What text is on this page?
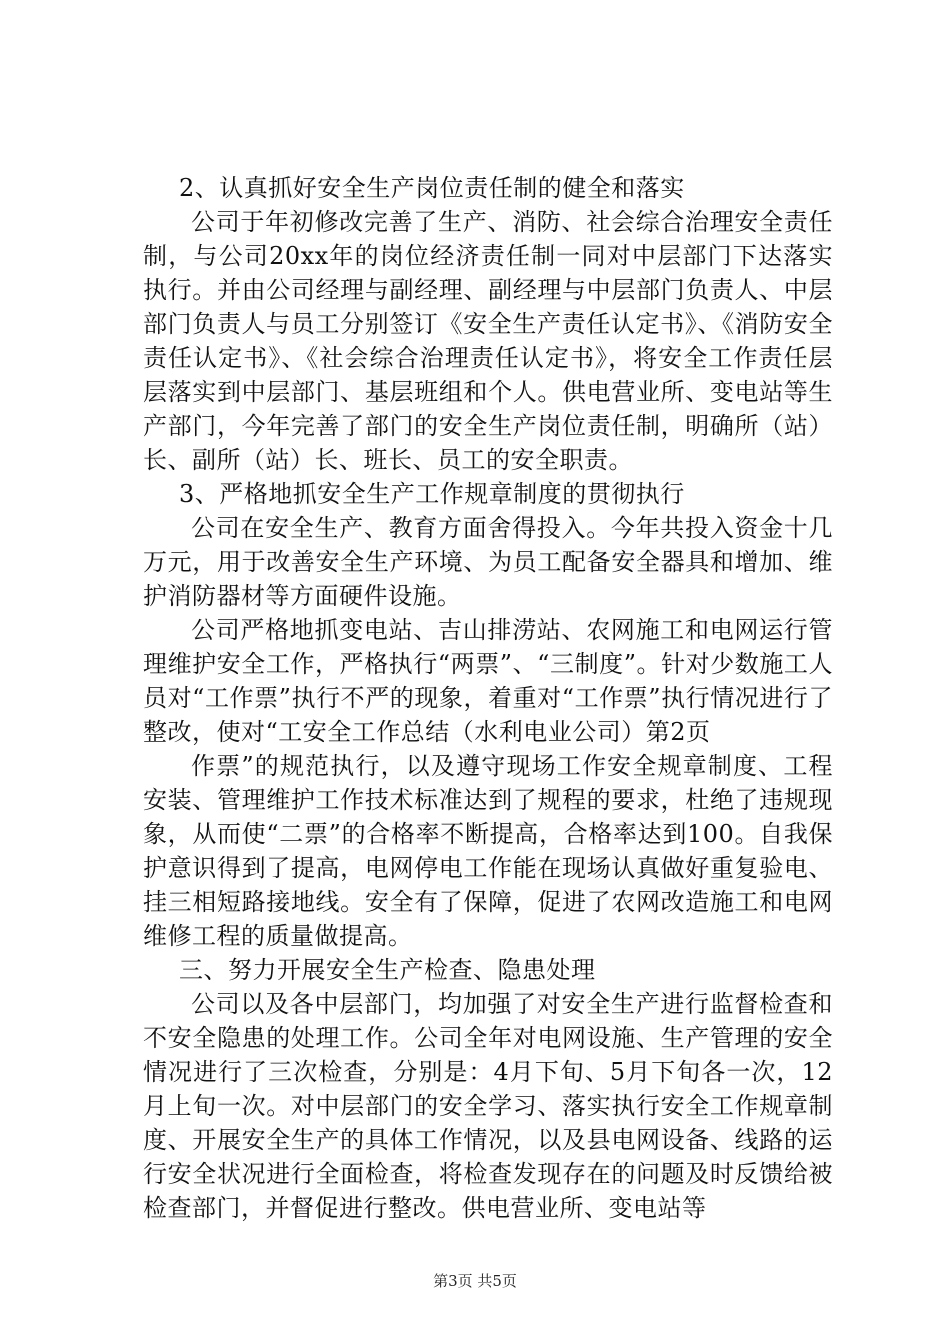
2、认真抓好安全生产岗位责任制的健全和落实

公司于年初修改完善了生产、消防、社会综合治理安全责任制，与公司20xx年的岗位经济责任制一同对中层部门下达落实执行。并由公司经理与副经理、副经理与中层部门负责人、中层部门负责人与员工分别签订《安全生产责任认定书》、《消防安全责任认定书》、《社会综合治理责任认定书》，将安全工作责任层层落实到中层部门、基层班组和个人。供电营业所、变电站等生产部门，今年完善了部门的安全生产岗位责任制，明确所（站）长、副所（站）长、班长、员工的安全职责。

3、严格地抓安全生产工作规章制度的贯彻执行

公司在安全生产、教育方面舍得投入。今年共投入资金十几万元，用于改善安全生产环境、为员工配备安全器具和增加、维护消防器材等方面硬件设施。

公司严格地抓变电站、吉山排涝站、农网施工和电网运行管理维护安全工作，严格执行“两票”、“三制度”。针对少数施工人员对“工作票”执行不严的现象，着重对“工作票”执行情况进行了整改，使对“工安全工作总结（水利电业公司）第2页

作票”的规范执行，以及遵守现场工作安全规章制度、工程安装、管理维护工作技术标准达到了规程的要求，杜绝了违规现象，从而使“二票”的合格率不断提高，合格率达到100。自我保护意识得到了提高，电网停电工作能在现场认真做好重复验电、挂三相短路接地线。安全有了保障，促进了农网改造施工和电网维修工程的质量做提高。

三、努力开展安全生产检查、隐患处理

公司以及各中层部门，均加强了对安全生产进行监督检查和不安全隐患的处理工作。公司全年对电网设施、生产管理的安全情况进行了三次检查，分别是：4月下旬、5月下旬各一次，12月上旬一次。对中层部门的安全学习、落实执行安全工作规章制度、开展安全生产的具体工作情况，以及县电网设备、线路的运行安全状况进行全面检查，将检查发现存在的问题及时反馈给被检查部门，并督促进行整改。供电营业所、变电站等

第3页 共5页
